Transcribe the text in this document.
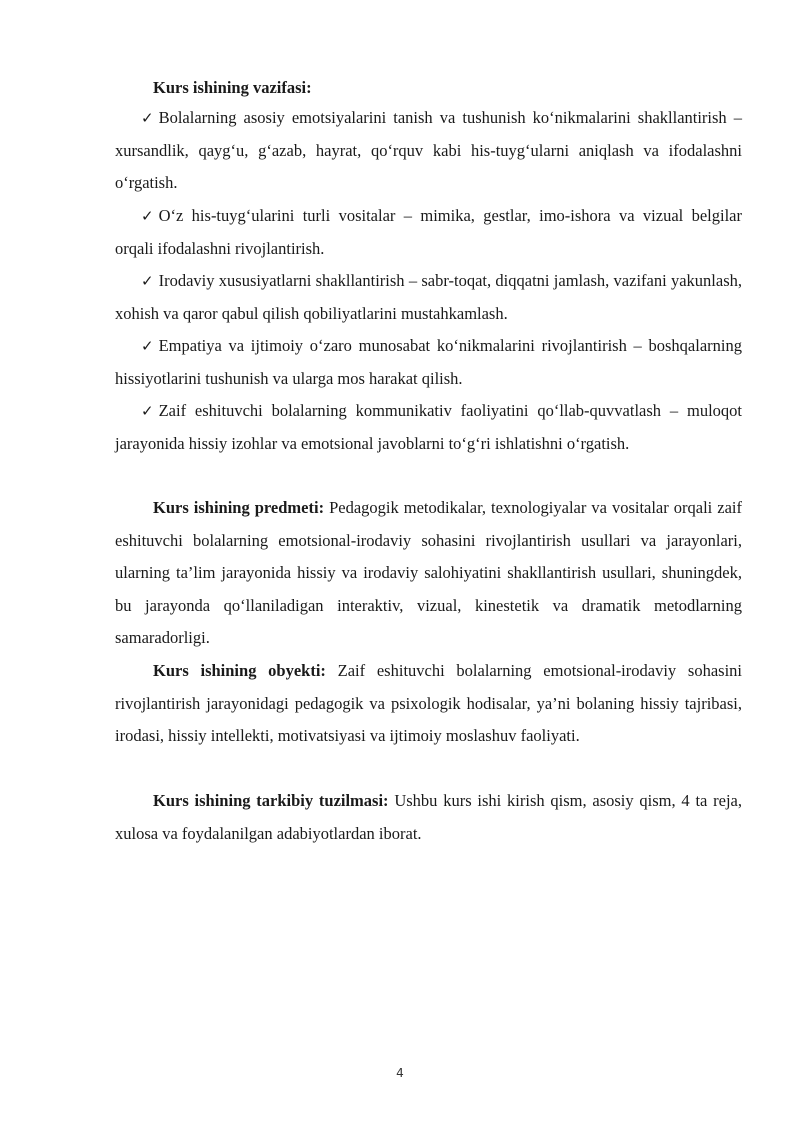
Kurs ishining vazifasi:

✓ Bolalarning asosiy emotsiyalarini tanish va tushunish koʻnikmalarini shakllantirish – xursandlik, qaygʻu, gʻazab, hayrat, qoʻrquv kabi his-tuygʻularni aniqlash va ifodalashni oʻrgatish.

✓ Oʻz his-tuygʻularini turli vositalar – mimika, gestlar, imo-ishora va vizual belgilar orqali ifodalashni rivojlantirish.

✓ Irodaviy xususiyatlarni shakllantirish – sabr-toqat, diqqatni jamlash, vazifani yakunlash, xohish va qaror qabul qilish qobiliyatlarini mustahkamlash.

✓ Empatiya va ijtimoiy oʻzaro munosabat koʻnikmalarini rivojlantirish – boshqalarning hissiyotlarini tushunish va ularga mos harakat qilish.

✓ Zaif eshituvchi bolalarning kommunikativ faoliyatini qoʻllab-quvvatlash – muloqot jarayonida hissiy izohlar va emotsional javoblarni toʻgʻri ishlatishni oʻrgatish.

Kurs ishining predmeti: Pedagogik metodikalar, texnologiyalar va vositalar orqali zaif eshituvchi bolalarning emotsional-irodaviy sohasini rivojlantirish usullari va jarayonlari, ularning ta’lim jarayonida hissiy va irodaviy salohiyatini shakllantirish usullari, shuningdek, bu jarayonda qoʻllaniladigan interaktiv, vizual, kinestetik va dramatik metodlarning samaradorligi.

Kurs ishining obyekti: Zaif eshituvchi bolalarning emotsional-irodaviy sohasini rivojlantirish jarayonidagi pedagogik va psixologik hodisalar, ya’ni bolaning hissiy tajribasi, irodasi, hissiy intellekti, motivatsiyasi va ijtimoiy moslashuv faoliyati.

Kurs ishining tarkibiy tuzilmasi: Ushbu kurs ishi kirish qism, asosiy qism, 4 ta reja, xulosa va foydalanilgan adabiyotlardan iborat.

4
